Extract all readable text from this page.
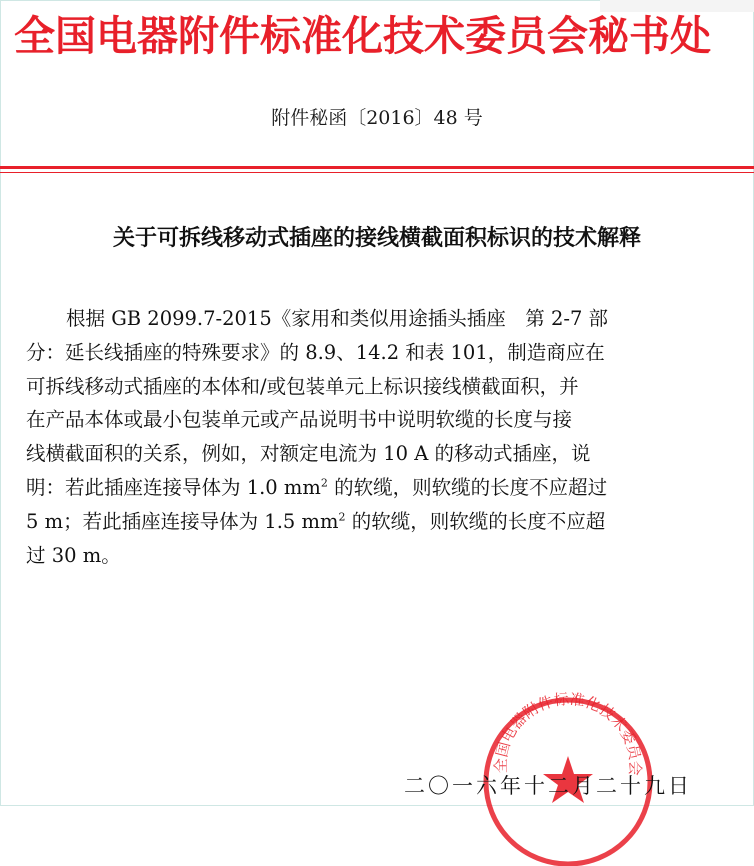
全国电器附件标准化技术委员会秘书处
附件秘函〔2016〕48 号
关于可拆线移动式插座的接线横截面积标识的技术解释
根据 GB 2099.7-2015《家用和类似用途插头插座　第 2-7 部
分：延长线插座的特殊要求》的 8.9、14.2 和表 101，制造商应在
可拆线移动式插座的本体和/或包装单元上标识接线横截面积，并
在产品本体或最小包装单元或产品说明书中说明软缆的长度与接
线横截面积的关系，例如，对额定电流为 10 A 的移动式插座，说
明：若此插座连接导体为 1.0 $mm^2$ 的软缆，则软缆的长度不应超过
5 m；若此插座连接导体为 1.5 $mm^2$ 的软缆，则软缆的长度不应超
过 30 m。
全国电器附件标准化技术委员会
二〇一六年十二月二十九日
